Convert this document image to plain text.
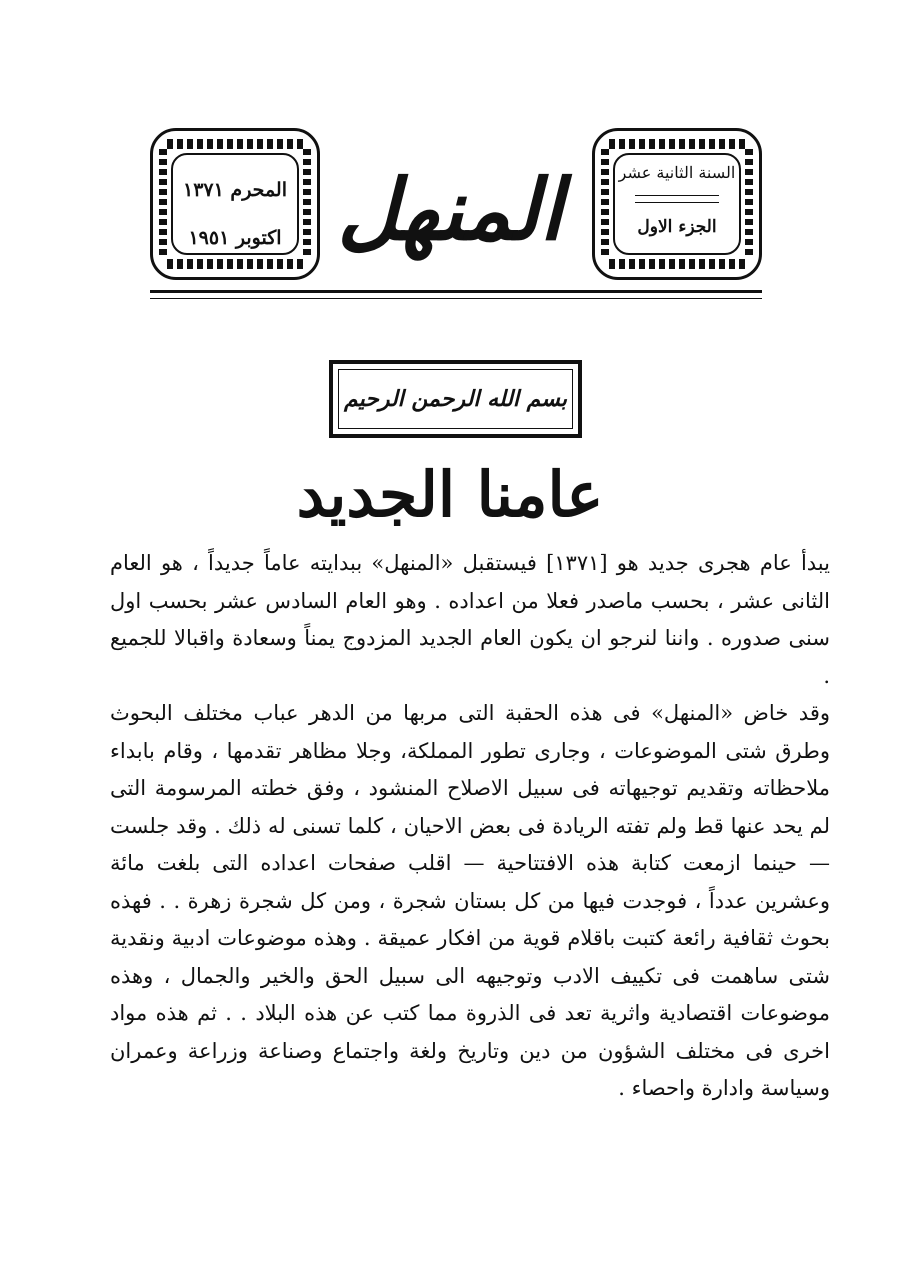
المحرم ١٣٧١
اكتوبر ١٩٥١ المنهل	السنة الثانية عشر
الجزء الاول
بسم الله الرحمن الرحيم
عامنا الجديد

يبدأ عام هجرى جديد هو [١٣٧١] فيستقبل «المنهل» ببدايته عاماً جديداً ، هو العام الثانى عشر ، بحسب ماصدر فعلا من اعداده . وهو العام السادس عشر بحسب اول سنى صدوره . واننا لنرجو ان يكون العام الجديد المزدوج يمناً وسعادة واقبالا للجميع .

وقد خاض «المنهل» فى هذه الحقبة التى مربها من الدهر عباب مختلف البحوث وطرق شتى الموضوعات ، وجارى تطور المملكة، وجلا مظاهر تقدمها ، وقام بابداء ملاحظاته وتقديم توجيهاته فى سبيل الاصلاح المنشود ، وفق خطته المرسومة التى لم يحد عنها قط ولم تفته الريادة فى بعض الاحيان ، كلما تسنى له ذلك . وقد جلست — حينما ازمعت كتابة هذه الافتتاحية — اقلب صفحات اعداده التى بلغت مائة وعشرين عدداً ، فوجدت فيها من كل بستان شجرة ، ومن كل شجرة زهرة . . فهذه بحوث ثقافية رائعة كتبت باقلام قوية من افكار عميقة . وهذه موضوعات ادبية ونقدية شتى ساهمت فى تكييف الادب وتوجيهه الى سبيل الحق والخير والجمال ، وهذه موضوعات اقتصادية واثرية تعد فى الذروة مما كتب عن هذه البلاد . . ثم هذه مواد اخرى فى مختلف الشؤون من دين وتاريخ ولغة واجتماع وصناعة وزراعة وعمران وسياسة وادارة واحصاء .
